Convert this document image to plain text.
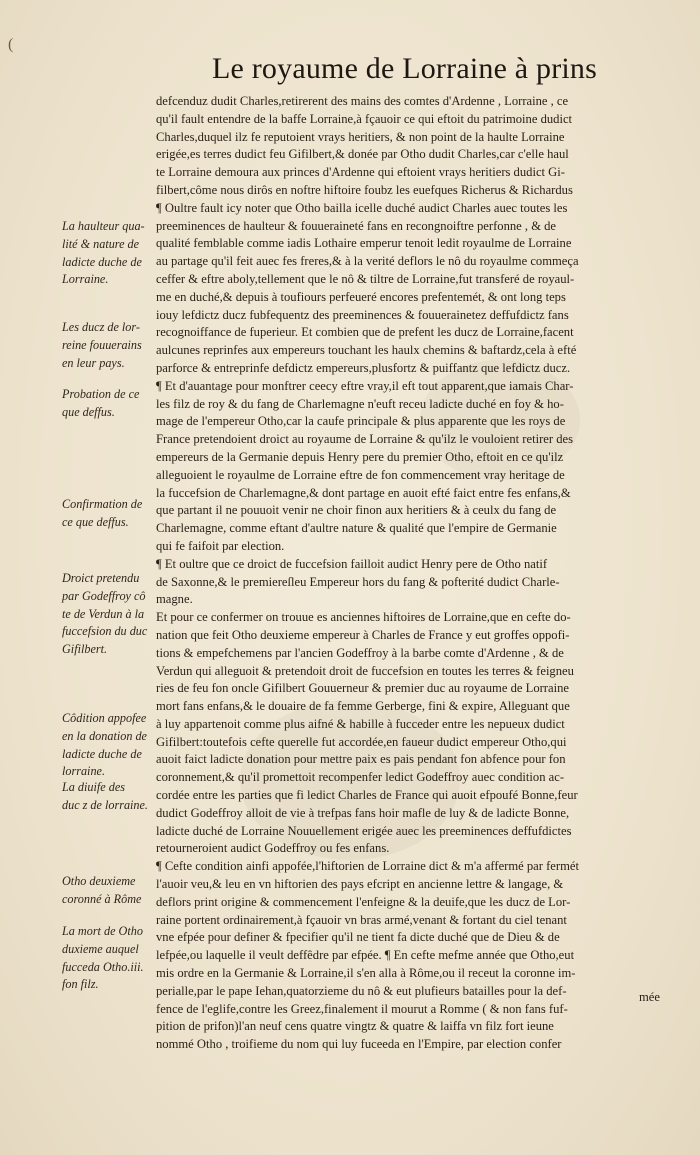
(
Le royaume de Lorraine à prins
defcenduz dudit Charles,retirerent des mains des comtes d'Ardenne , Lorraine , ce
qu'il fault entendre de la baffe Lorraine,à fçauoir ce qui eftoit du patrimoine dudict
Charles,duquel ilz fe reputoient vrays heritiers, & non point de la haulte Lorraine
erigée,es terres dudict feu Gifilbert,& donée par Otho dudit Charles,car c'elle haul
te Lorraine demoura aux princes d'Ardenne qui eftoient vrays heritiers dudict Gi-
filbert,côme nous dirôs en noftre hiftoire foubz les euefques Richerus & Richardus
¶ Oultre fault icy noter que Otho bailla icelle duché audict Charles auec toutes les
preeminences de haulteur & fouueraineté fans en recongnoiftre perfonne , & de
qualité femblable comme iadis Lothaire emperur tenoit ledit royaulme de Lorraine
au partage qu'il feit auec fes freres,& à la verité deflors le nô du royaulme commeça
ceffer & eftre aboly,tellement que le nô & tiltre de Lorraine,fut transferé de royaul-
me en duché,& depuis à toufiours perfeueré encores prefentemét, & ont long teps
iouy lefdictz ducz fubfequentz des preeminences & fouuerainetez deffufdictz fans
recognoiffance de fuperieur. Et combien que de prefent les ducz de Lorraine,facent
aulcunes reprinfes aux empereurs touchant les haulx chemins & baftardz,cela à efté
parforce & entreprinfe defdictz empereurs,plusfortz & puiffantz que lefdictz ducz.
¶ Et d'auantage pour monftrer ceecy eftre vray,il eft tout apparent,que iamais Char-
les filz de roy & du fang de Charlemagne n'euft receu ladicte duché en foy & ho-
mage de l'empereur Otho,car la caufe principale & plus apparente que les roys de
France pretendoient droict au royaume de Lorraine & qu'ilz le vouloient retirer des
empereurs de la Germanie depuis Henry pere du premier Otho, eftoit en ce qu'ilz
alleguoient le royaulme de Lorraine eftre de fon commencement vray heritage de
la fuccefsion de Charlemagne,& dont partage en auoit efté faict entre fes enfans,&
que partant il ne pouuoit venir ne choir finon aux heritiers & à ceulx du fang de
Charlemagne, comme eftant d'aultre nature & qualité que l'empire de Germanie
qui fe faifoit par election.
¶ Et oultre que ce droict de fuccefsion failloit audict Henry pere de Otho natif
de Saxonne,& le premiereſleu Empereur hors du fang & pofterité dudict Charle-
magne.
Et pour ce confermer on trouue es anciennes hiftoires de Lorraine,que en cefte do-
nation que feit Otho deuxieme empereur à Charles de France y eut groffes oppofi-
tions & empefchemens par l'ancien Godeffroy à la barbe comte d'Ardenne , & de
Verdun qui alleguoit & pretendoit droit de fuccefsion en toutes les terres & feigneu
ries de feu fon oncle Gifilbert Gouuerneur & premier duc au royaume de Lorraine
mort fans enfans,& le douaire de fa femme Gerberge, fini & expire, Alleguant que
à luy appartenoit comme plus aifné & habille à fucceder entre les nepueux dudict
Gifilbert:toutefois cefte querelle fut accordée,en faueur dudict empereur Otho,qui
auoit faict ladicte donation pour mettre paix es pais pendant fon abfence pour fon
coronnement,& qu'il promettoit recompenfer ledict Godeffroy auec condition ac-
cordée entre les parties que fi ledict Charles de France qui auoit efpoufé Bonne,feur
dudict Godeffroy alloit de vie à trefpas fans hoir mafle de luy & de ladicte Bonne,
ladicte duché de Lorraine Nouuellement erigée auec les preeminences deffufdictes
retourneroient audict Godeffroy ou fes enfans.
¶ Cefte condition ainfi appofée,l'hiftorien de Lorraine dict & m'a affermé par fermét
l'auoir veu,& leu en vn hiftorien des pays efcript en ancienne lettre & langage, &
deflors print origine & commencement l'enfeigne & la deuife,que les ducz de Lor-
raine portent ordinairement,à fçauoir vn bras armé,venant & fortant du ciel tenant
vne efpée pour definer & fpecifier qu'il ne tient fa dicte duché que de Dieu & de
lefpée,ou laquelle il veult deffêdre par efpée. ¶ En cefte mefme année que Otho,eut
mis ordre en la Germanie & Lorraine,il s'en alla à Rôme,ou il receut la coronne im-
perialle,par le pape Iehan,quatorzieme du nô & eut plufieurs batailles pour la def-
fence de l'eglife,contre les Greez,finalement il mourut a Romme ( & non fans fuf-
pition de prifon)l'an neuf cens quatre vingtz & quatre & laiffa vn filz fort ieune
nommé Otho , troifieme du nom qui luy fuceeda en l'Empire, par election confer
La haulteur qua-
lité & nature de
ladicte duche de
Lorraine.
Les ducz de lor-
reine fouuerains
en leur pays.
Probation de ce
que deffus.
Confirmation de
ce que deffus.
Droict pretendu
par Godeffroy cô
te de Verdun à la
fuccefsion du duc
Gifilbert.
Côdition appofee
en la donation de
ladicte duche de
lorraine.
La diuife des
duc z de lorraine.
Otho deuxieme
coronné à Rôme
La mort de Otho
duxieme auquel
fucceda Otho.iii.
fon filz.
mée
